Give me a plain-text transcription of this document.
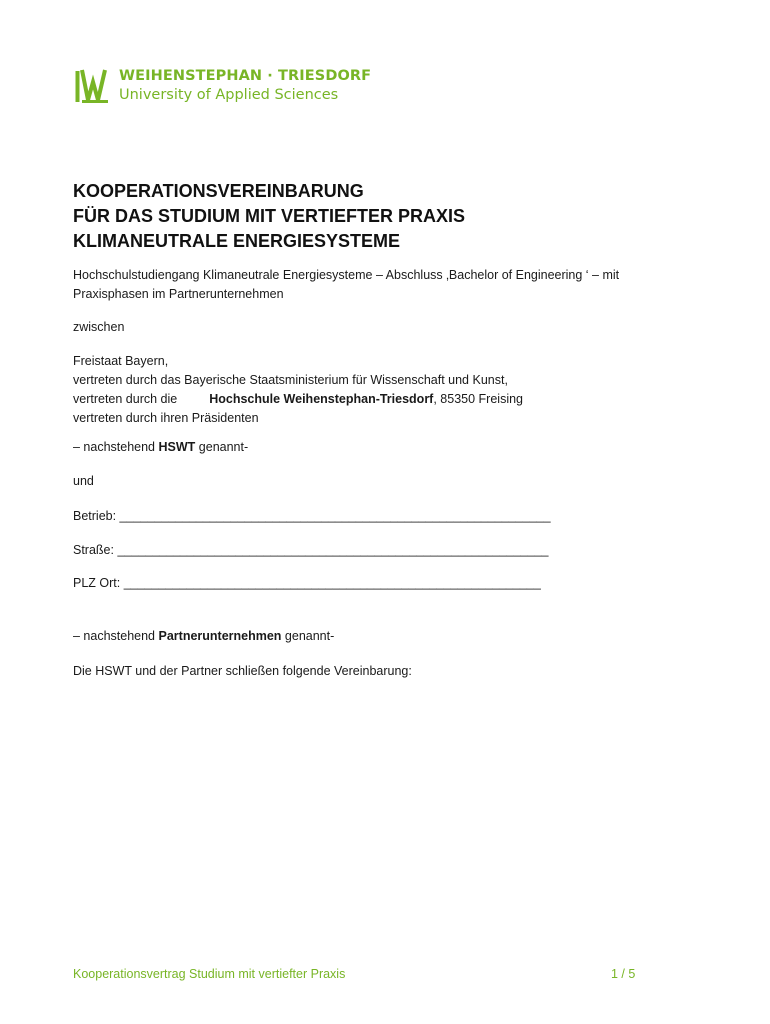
WEIHENSTEPHAN · TRIESDORF
University of Applied Sciences
KOOPERATIONSVEREINBARUNG
FÜR DAS STUDIUM MIT VERTIEFTER PRAXIS
KLIMANEUTRALE ENERGIESYSTEME
Hochschulstudiengang Klimaneutrale Energiesysteme – Abschluss ‚Bachelor of Engineering ‘ – mit
Praxisphasen im Partnerunternehmen
zwischen
Freistaat Bayern,
vertreten durch das Bayerische Staatsministerium für Wissenschaft und Kunst,
vertreten durch die	Hochschule Weihenstephan-Triesdorf, 85350 Freising
vertreten durch ihren Präsidenten
– nachstehend HSWT genannt-
und
Betrieb: ______________________________________________________________
Straße: ______________________________________________________________
PLZ Ort: ____________________________________________________________
– nachstehend Partnerunternehmen genannt-
Die HSWT und der Partner schließen folgende Vereinbarung:
Kooperationsvertrag Studium mit vertiefter Praxis	1 / 5
